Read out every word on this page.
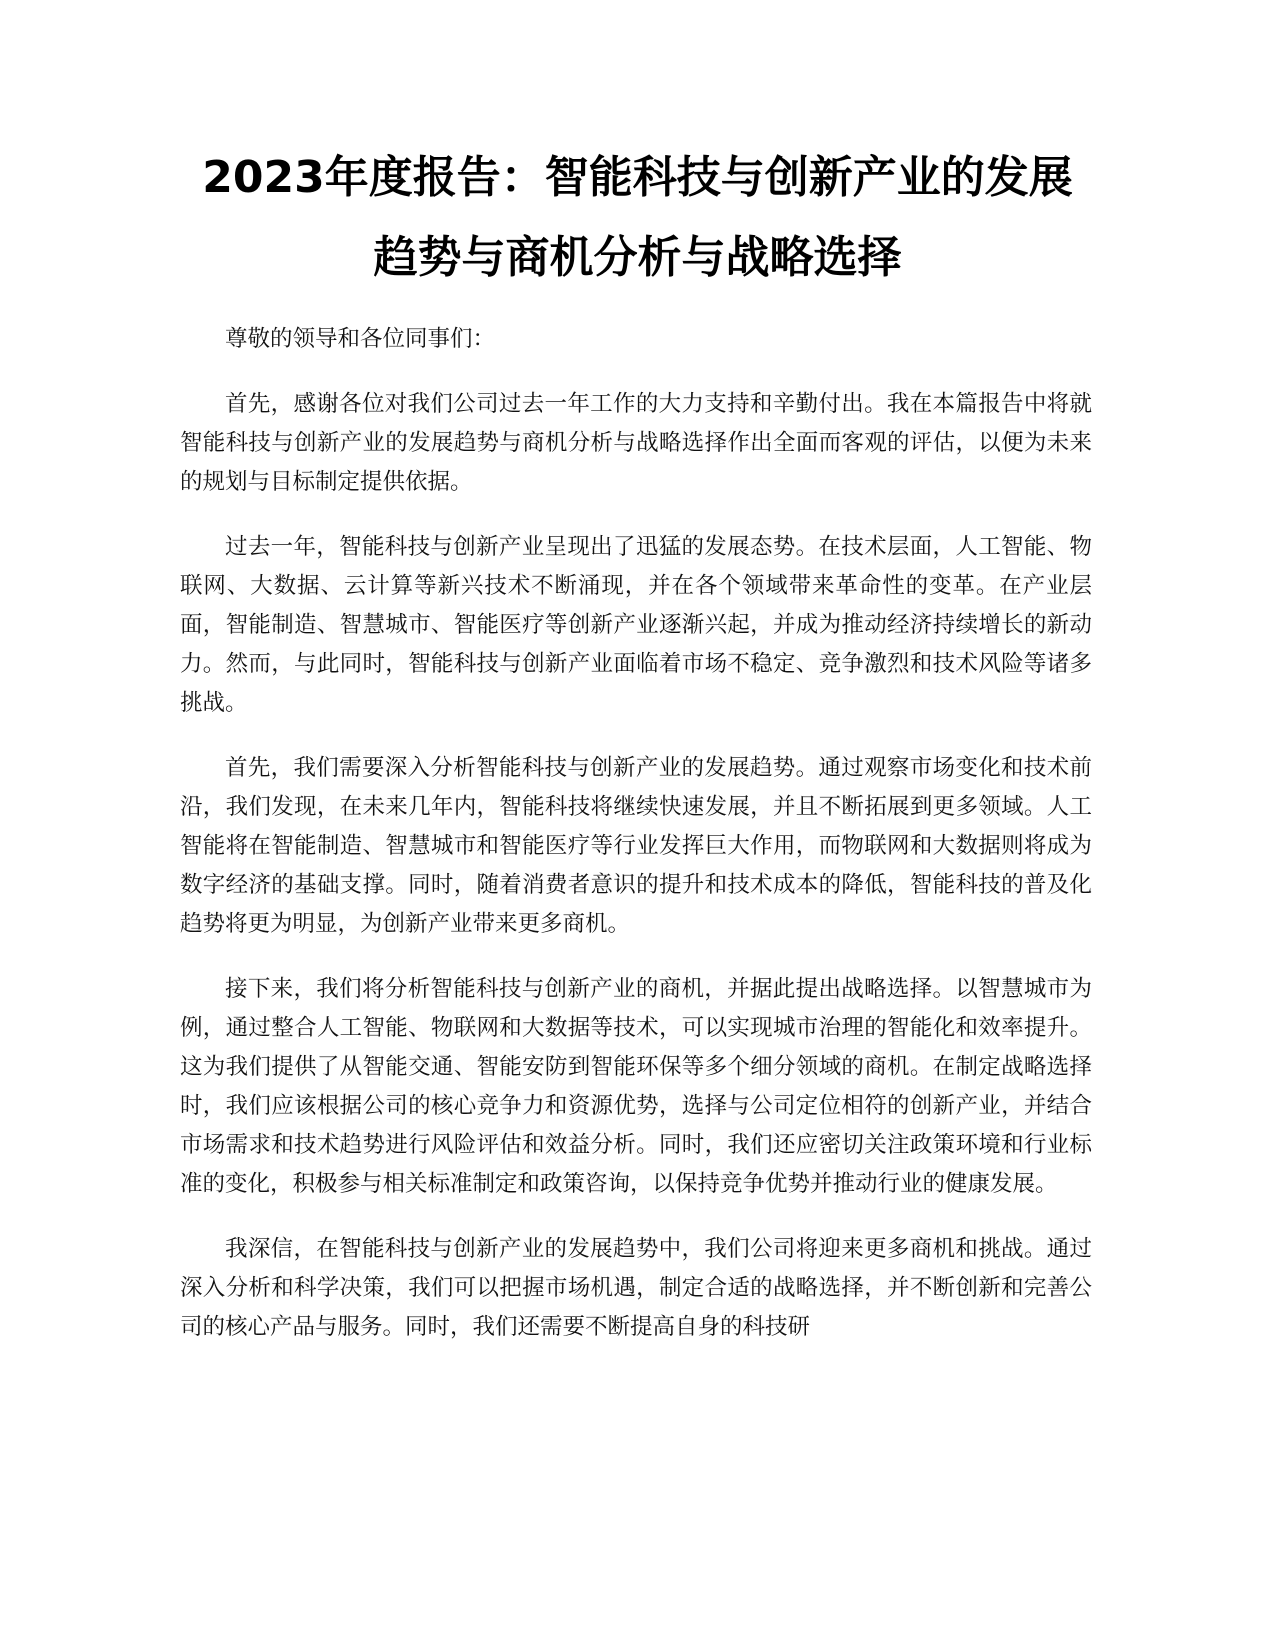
2023年度报告：智能科技与创新产业的发展
趋势与商机分析与战略选择

尊敬的领导和各位同事们：

首先，感谢各位对我们公司过去一年工作的大力支持和辛勤付出。我在本篇报告中将就智能科技与创新产业的发展趋势与商机分析与战略选择作出全面而客观的评估，以便为未来的规划与目标制定提供依据。

过去一年，智能科技与创新产业呈现出了迅猛的发展态势。在技术层面，人工智能、物联网、大数据、云计算等新兴技术不断涌现，并在各个领域带来革命性的变革。在产业层面，智能制造、智慧城市、智能医疗等创新产业逐渐兴起，并成为推动经济持续增长的新动力。然而，与此同时，智能科技与创新产业面临着市场不稳定、竞争激烈和技术风险等诸多挑战。

首先，我们需要深入分析智能科技与创新产业的发展趋势。通过观察市场变化和技术前沿，我们发现，在未来几年内，智能科技将继续快速发展，并且不断拓展到更多领域。人工智能将在智能制造、智慧城市和智能医疗等行业发挥巨大作用，而物联网和大数据则将成为数字经济的基础支撑。同时，随着消费者意识的提升和技术成本的降低，智能科技的普及化趋势将更为明显，为创新产业带来更多商机。

接下来，我们将分析智能科技与创新产业的商机，并据此提出战略选择。以智慧城市为例，通过整合人工智能、物联网和大数据等技术，可以实现城市治理的智能化和效率提升。这为我们提供了从智能交通、智能安防到智能环保等多个细分领域的商机。在制定战略选择时，我们应该根据公司的核心竞争力和资源优势，选择与公司定位相符的创新产业，并结合市场需求和技术趋势进行风险评估和效益分析。同时，我们还应密切关注政策环境和行业标准的变化，积极参与相关标准制定和政策咨询，以保持竞争优势并推动行业的健康发展。

我深信，在智能科技与创新产业的发展趋势中，我们公司将迎来更多商机和挑战。通过深入分析和科学决策，我们可以把握市场机遇，制定合适的战略选择，并不断创新和完善公司的核心产品与服务。同时，我们还需要不断提高自身的科技研
